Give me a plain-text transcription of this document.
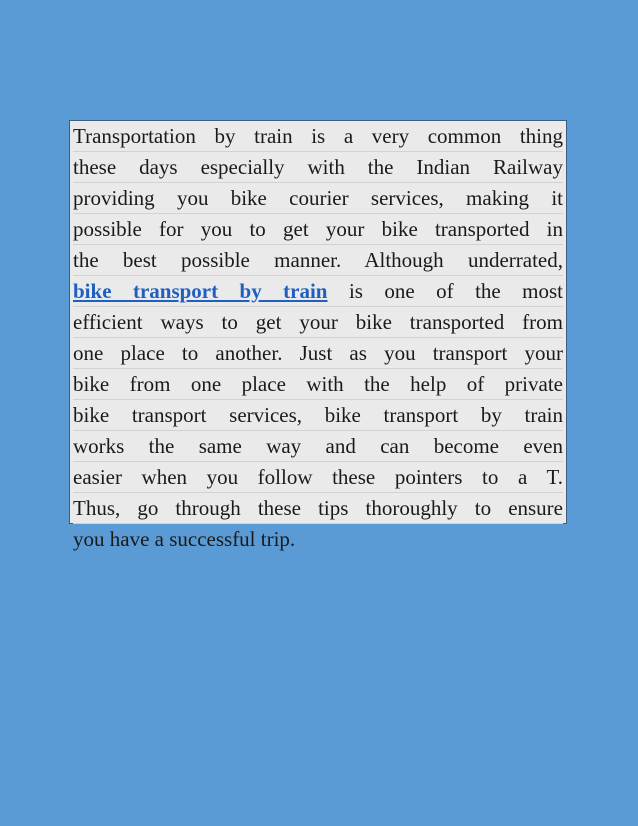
Transportation by train is a very common thing
these days especially with the Indian Railway
providing you bike courier services, making it
possible for you to get your bike transported in
the best possible manner. Although underrated,
bike transport by train is one of the most
efficient ways to get your bike transported from
one place to another. Just as you transport your
bike from one place with the help of private
bike transport services, bike transport by train
works the same way and can become even
easier when you follow these pointers to a T.
Thus, go through these tips thoroughly to ensure
you have a successful trip.
